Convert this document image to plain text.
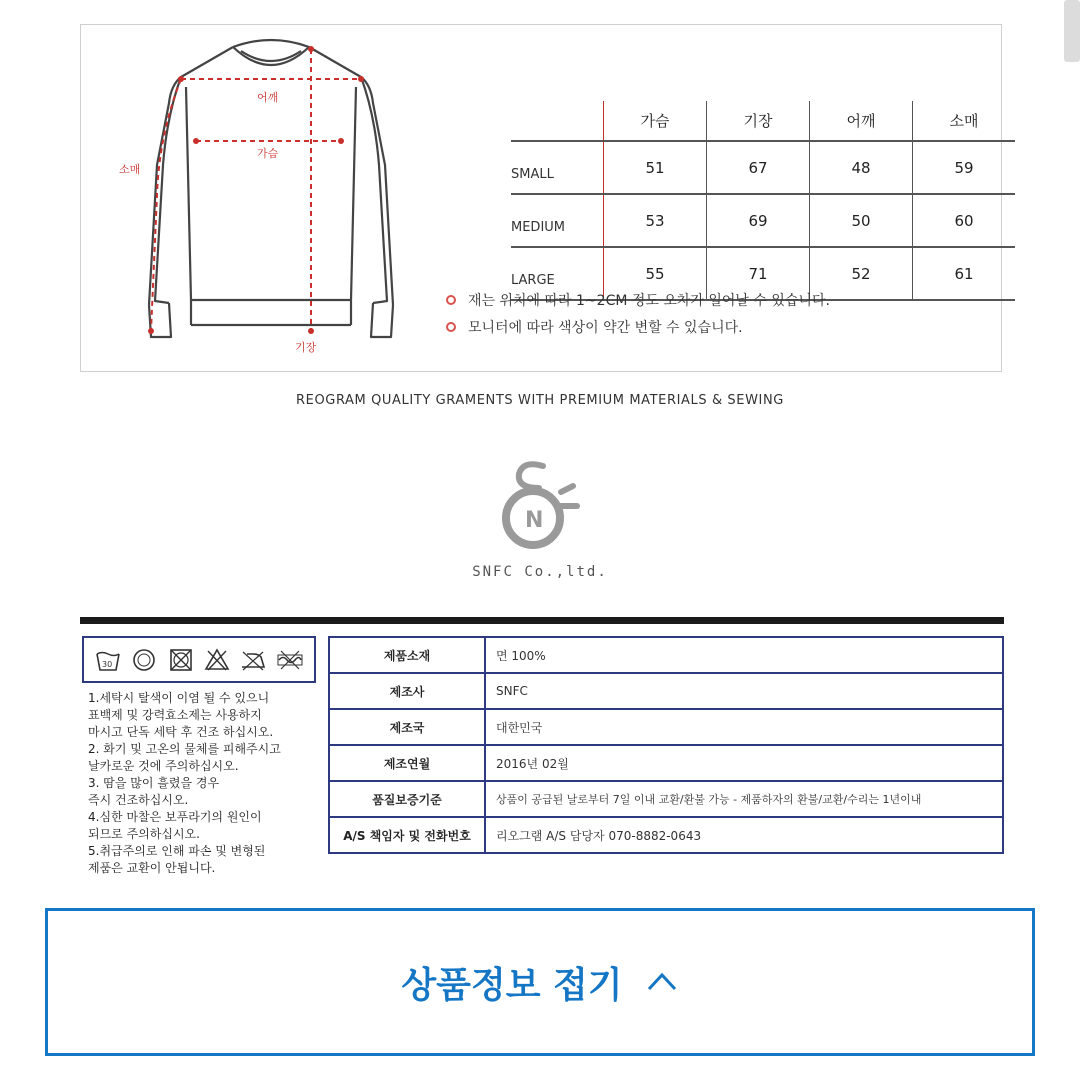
어깨
가슴
소매
기장
가슴	기장	어깨	소매
SMALL	51	67	48	59
MEDIUM	53	69	50	60
LARGE	55	71	52	61
재는 위치에 따라 1~2CM 정도 오차가 일어날 수 있습니다.
모니터에 따라 색상이 약간 변할 수 있습니다.
REOGRAM QUALITY GRAMENTS WITH PREMIUM MATERIALS & SEWING
N
SNFC Co.,ltd.
30
1.세탁시 탈색이 이염 될 수 있으니
표백제 및 강력효소제는 사용하지
마시고 단독 세탁 후 건조 하십시오.
2. 화기 및 고온의 물체를 피해주시고
날카로운 것에 주의하십시오.
3. 땀을 많이 흘렸을 경우
즉시 건조하십시오.
4.심한 마찰은 보푸라기의 원인이
되므로 주의하십시오.
5.취급주의로 인해 파손 및 변형된
제품은 교환이 안됩니다.
제품소재	면 100%
제조사	SNFC
제조국	대한민국
제조연월	2016년 02월
품질보증기준	상품이 공급된 날로부터 7일 이내 교환/환불 가능 - 제품하자의 환불/교환/수리는 1년이내
A/S 책임자 및 전화번호	리오그램 A/S 담당자 070-8882-0643
상품정보 접기
